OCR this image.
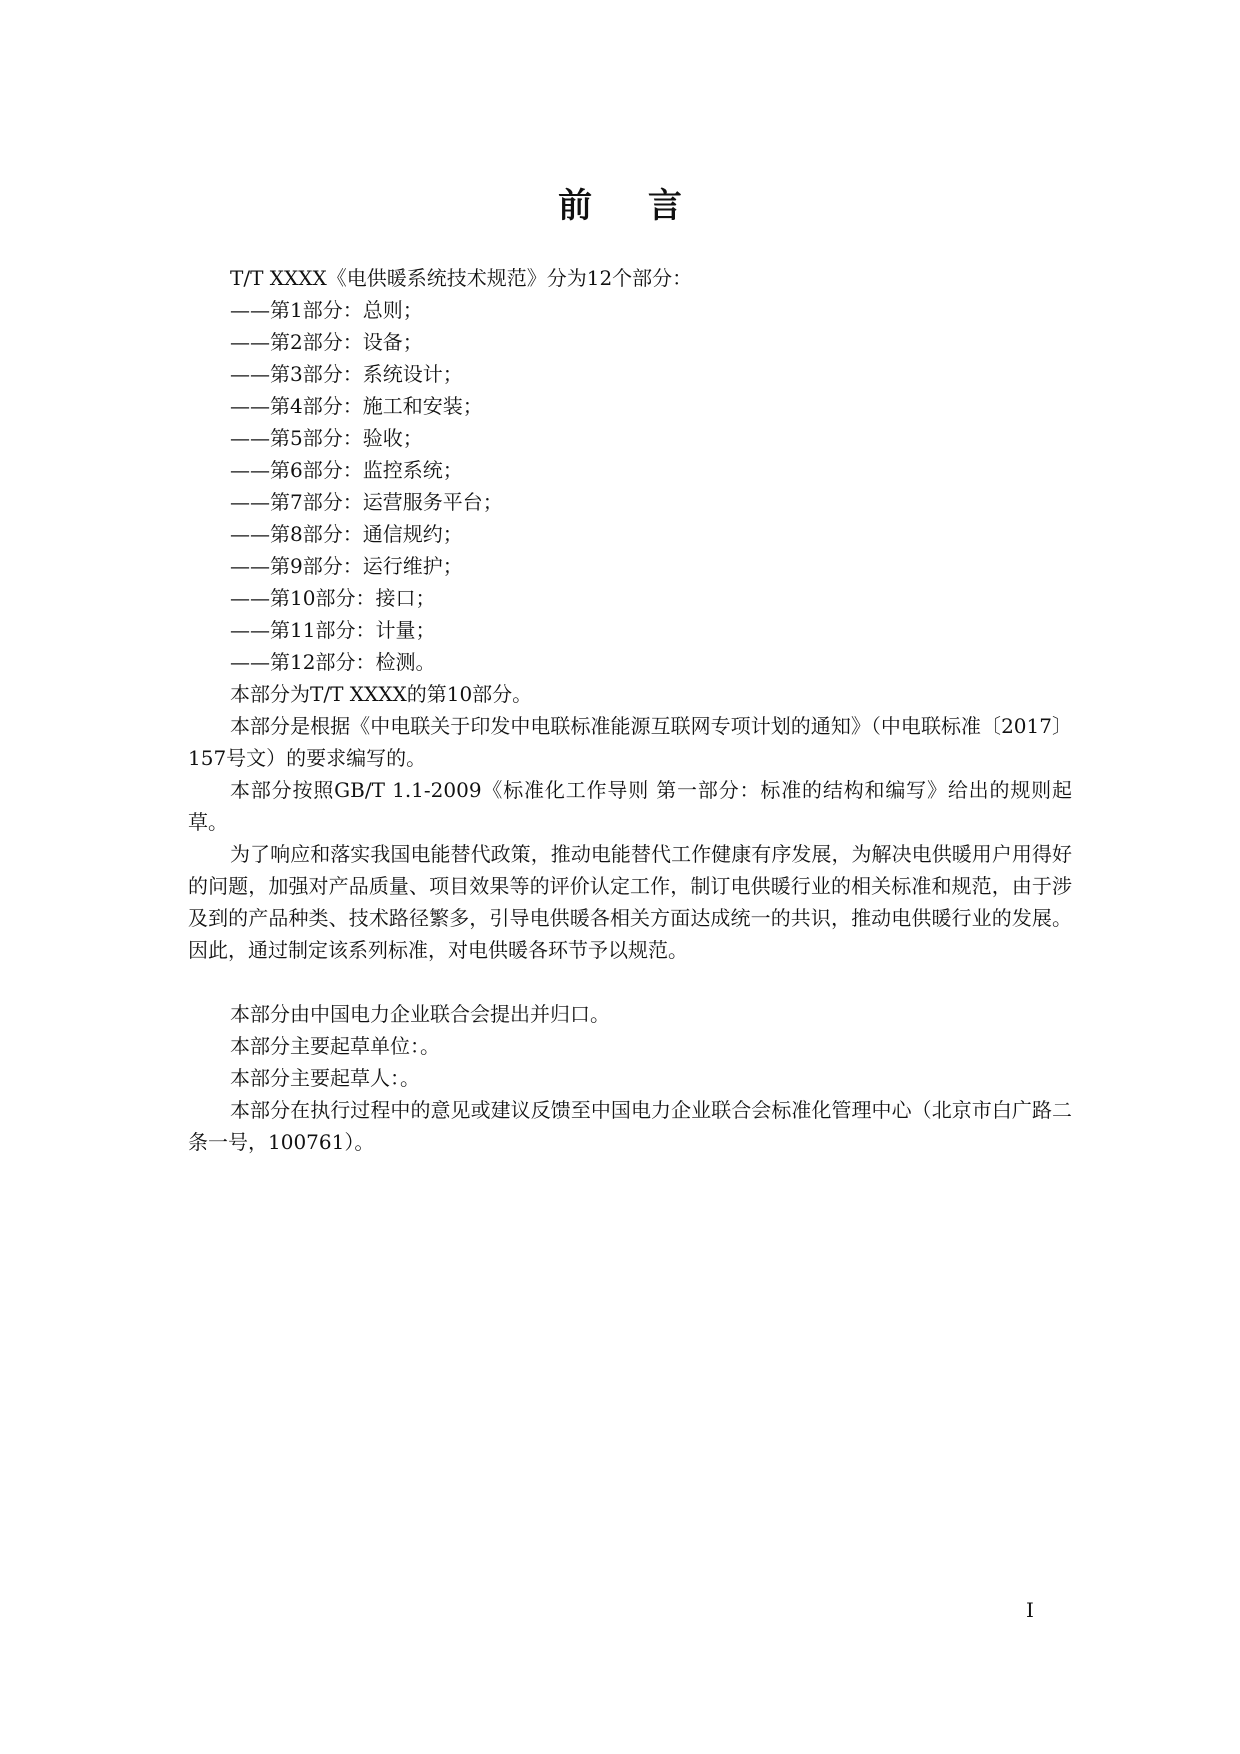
前 言

T/T XXXX《电供暖系统技术规范》分为12个部分：

——第1部分：总则；

——第2部分：设备；

——第3部分：系统设计；

——第4部分：施工和安装；

——第5部分：验收；

——第6部分：监控系统；

——第7部分：运营服务平台；

——第8部分：通信规约；

——第9部分：运行维护；

——第10部分：接口；

——第11部分：计量；

——第12部分：检测。

本部分为T/T XXXX的第10部分。

本部分是根据《中电联关于印发中电联标准能源互联网专项计划的通知》（中电联标准〔2017〕157号文）的要求编写的。

本部分按照GB/T 1.1-2009《标准化工作导则 第一部分：标准的结构和编写》给出的规则起草。

为了响应和落实我国电能替代政策，推动电能替代工作健康有序发展，为解决电供暖用户用得好的问题，加强对产品质量、项目效果等的评价认定工作，制订电供暖行业的相关标准和规范，由于涉及到的产品种类、技术路径繁多，引导电供暖各相关方面达成统一的共识，推动电供暖行业的发展。因此，通过制定该系列标准，对电供暖各环节予以规范。

本部分由中国电力企业联合会提出并归口。

本部分主要起草单位：。

本部分主要起草人：。

本部分在执行过程中的意见或建议反馈至中国电力企业联合会标准化管理中心（北京市白广路二条一号，100761）。

I
